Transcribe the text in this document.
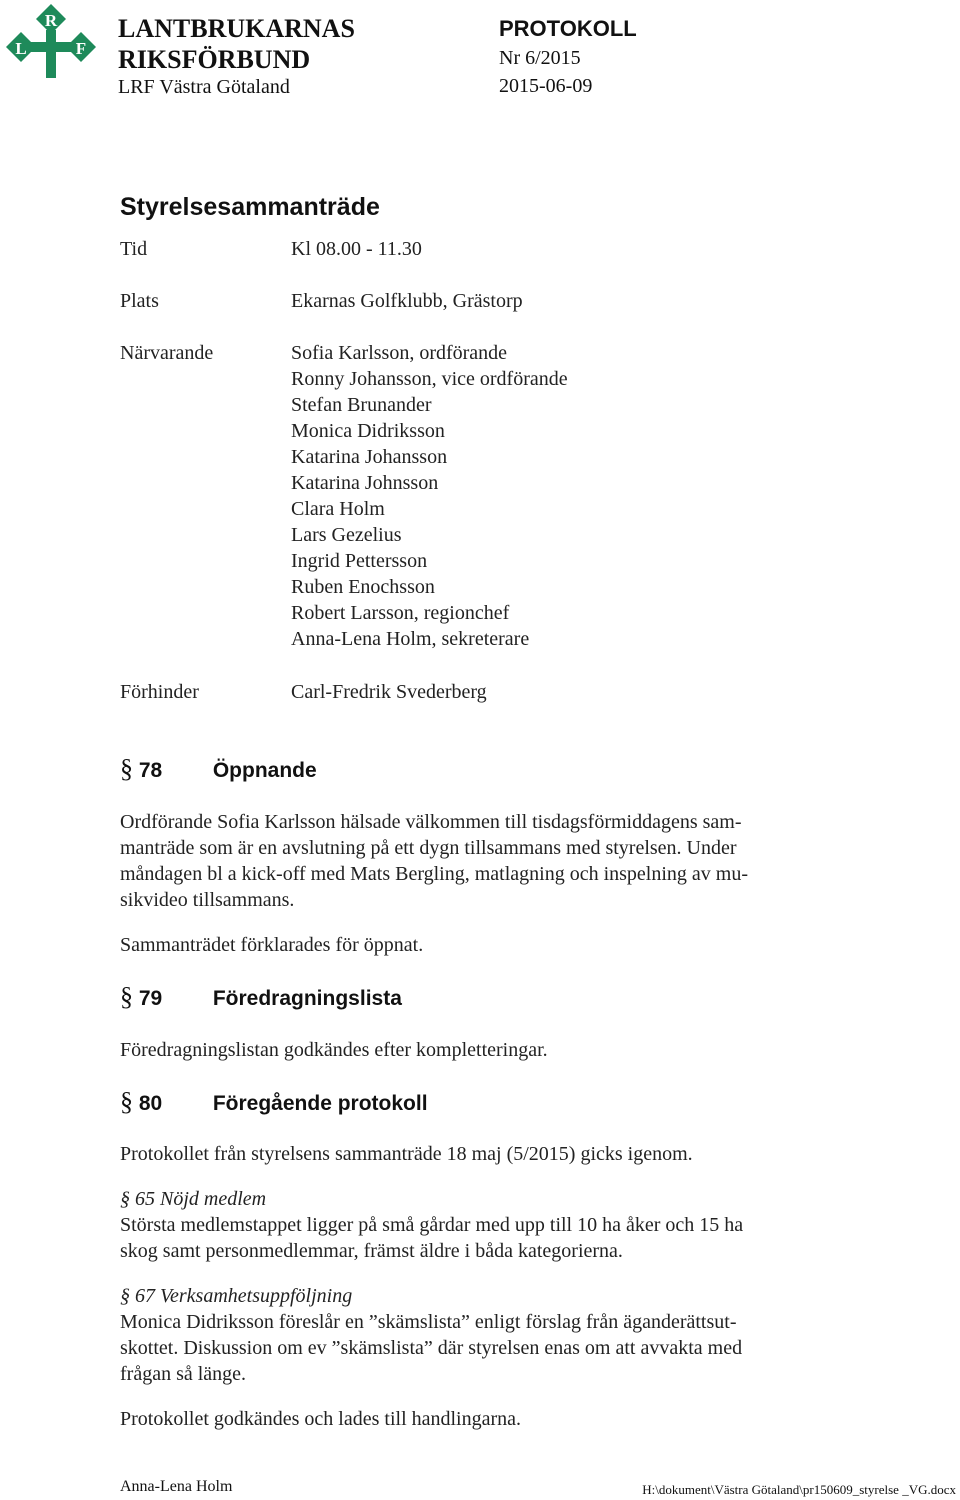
R
L	F
LANTBRUKARNAS
RIKSFÖRBUND
LRF Västra Götaland
PROTOKOLL
Nr 6/2015
2015-06-09
Styrelsesammanträde
Tid	Kl 08.00 - 11.30
Plats	Ekarnas Golfklubb, Grästorp
Närvarande	Sofia Karlsson, ordförande
Ronny Johansson, vice ordförande
Stefan Brunander
Monica Didriksson
Katarina Johansson
Katarina Johnsson
Clara Holm
Lars Gezelius
Ingrid Pettersson
Ruben Enochsson
Robert Larsson, regionchef
Anna-Lena Holm, sekreterare
Förhinder	Carl-Fredrik Svederberg
§ 78 Öppnande
Ordförande Sofia Karlsson hälsade välkommen till tisdagsförmiddagens sam-
manträde som är en avslutning på ett dygn tillsammans med styrelsen. Under
måndagen bl a kick-off med Mats Bergling, matlagning och inspelning av mu-
sikvideo tillsammans.
Sammanträdet förklarades för öppnat.
§ 79 Föredragningslista
Föredragningslistan godkändes efter kompletteringar.
§ 80 Föregående protokoll
Protokollet från styrelsens sammanträde 18 maj (5/2015) gicks igenom.
§ 65 Nöjd medlem
Största medlemstappet ligger på små gårdar med upp till 10 ha åker och 15 ha
skog samt personmedlemmar, främst äldre i båda kategorierna.
§ 67 Verksamhetsuppföljning
Monica Didriksson föreslår en ”skämslista” enligt förslag från äganderättsut-
skottet. Diskussion om ev ”skämslista” där styrelsen enas om att avvakta med
frågan så länge.
Protokollet godkändes och lades till handlingarna.
Anna-Lena Holm	H:\dokument\Västra Götaland\pr150609_styrelse _VG.docx
